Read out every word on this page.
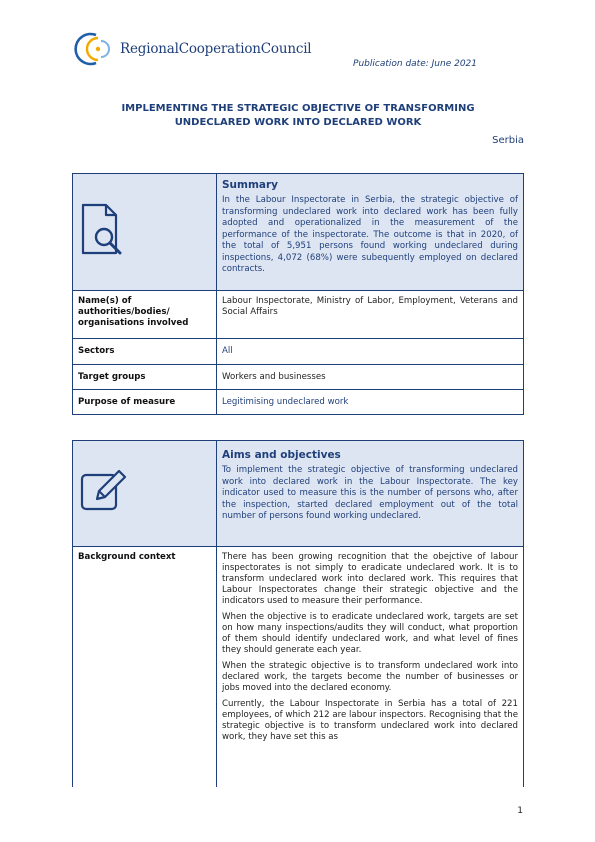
RegionalCooperationCouncil
Publication date: June 2021
IMPLEMENTING THE STRATEGIC OBJECTIVE OF TRANSFORMING
UNDECLARED WORK INTO DECLARED WORK
Serbia

Summary
In the Labour Inspectorate in Serbia, the strategic objective of transforming undeclared work into declared work has been fully adopted and operationalized in the measurement of the performance of the inspectorate. The outcome is that in 2020, of the total of 5,951 persons found working undeclared during inspections, 4,072 (68%) were subequently employed on declared contracts.

Name(s) of authorities/bodies/ organisations involved	Labour Inspectorate, Ministry of Labor, Employment, Veterans and Social Affairs
Sectors	All
Target groups	Workers and businesses
Purpose of measure	Legitimising undeclared work

Aims and objectives
To implement the strategic objective of transforming undeclared work into declared work in the Labour Inspectorate. The key indicator used to measure this is the number of persons who, after the inspection, started declared employment out of the total number of persons found working undeclared.

Background context	There has been growing recognition that the obejctive of labour inspectorates is not simply to eradicate undeclared work. It is to transform undeclared work into declared work. This requires that Labour Inspectorates change their strategic objective and the indicators used to measure their performance.
When the objective is to eradicate undeclared work, targets are set on how many inspections/audits they will conduct, what proportion of them should identify undeclared work, and what level of fines they should generate each year.
When the strategic objective is to transform undeclared work into declared work, the targets become the number of businesses or jobs moved into the declared economy.
Currently, the Labour Inspectorate in Serbia has a total of 221 employees, of which 212 are labour inspectors. Recognising that the strategic objective is to transform undeclared work into declared work, they have set this as
1
